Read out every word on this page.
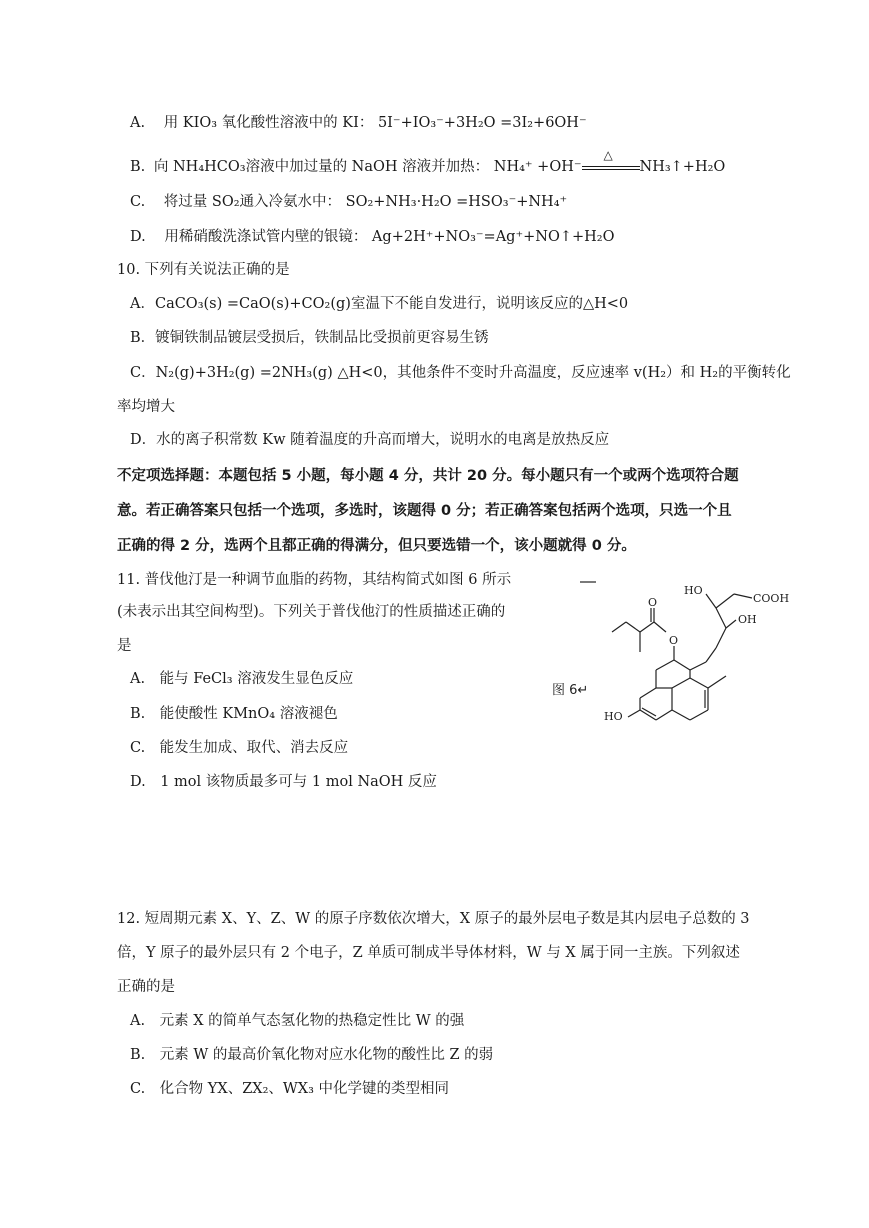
A. 用 KIO₃ 氧化酸性溶液中的 KI： 5I⁻+IO₃⁻+3H₂O =3I₂+6OH⁻
B. 向 NH₄HCO₃溶液中加过量的 NaOH 溶液并加热： NH₄⁺ +OH⁻
△
NH₃↑+H₂O
C. 将过量 SO₂通入冷氨水中： SO₂+NH₃·H₂O =HSO₃⁻+NH₄⁺
D. 用稀硝酸洗涤试管内壁的银镜： Ag+2H⁺+NO₃⁻=Ag⁺+NO↑+H₂O
10. 下列有关说法正确的是
A．CaCO₃(s) =CaO(s)+CO₂(g)室温下不能自发进行，说明该反应的△H<0
B．镀铜铁制品镀层受损后，铁制品比受损前更容易生锈
C．N₂(g)+3H₂(g) =2NH₃(g) △H<0，其他条件不变时升高温度，反应速率 v(H₂）和 H₂的平衡转化
率均增大
D．水的离子积常数 Kw 随着温度的升高而增大，说明水的电离是放热反应
不定项选择题：本题包括 5 小题，每小题 4 分，共计 20 分。每小题只有一个或两个选项符合题
意。若正确答案只包括一个选项，多选时，该题得 0 分；若正确答案包括两个选项，只选一个且
正确的得 2 分，选两个且都正确的得满分，但只要选错一个，该小题就得 0 分。
11. 普伐他汀是一种调节血脂的药物，其结构简式如图 6 所示
(未表示出其空间构型)。下列关于普伐他汀的性质描述正确的
是
A.　能与 FeCl₃ 溶液发生显色反应
B.　能使酸性 KMnO₄ 溶液褪色
C.　能发生加成、取代、消去反应
D.　1 mol 该物质最多可与 1 mol NaOH 反应
HO
COOH
OH
O
O
HO
图 6↵
12. 短周期元素 X、Y、Z、W 的原子序数依次增大，X 原子的最外层电子数是其内层电子总数的 3
倍，Y 原子的最外层只有 2 个电子，Z 单质可制成半导体材料，W 与 X 属于同一主族。下列叙述
正确的是
A.　元素 X 的简单气态氢化物的热稳定性比 W 的强
B.　元素 W 的最高价氧化物对应水化物的酸性比 Z 的弱
C.　化合物 YX、ZX₂、WX₃ 中化学键的类型相同
